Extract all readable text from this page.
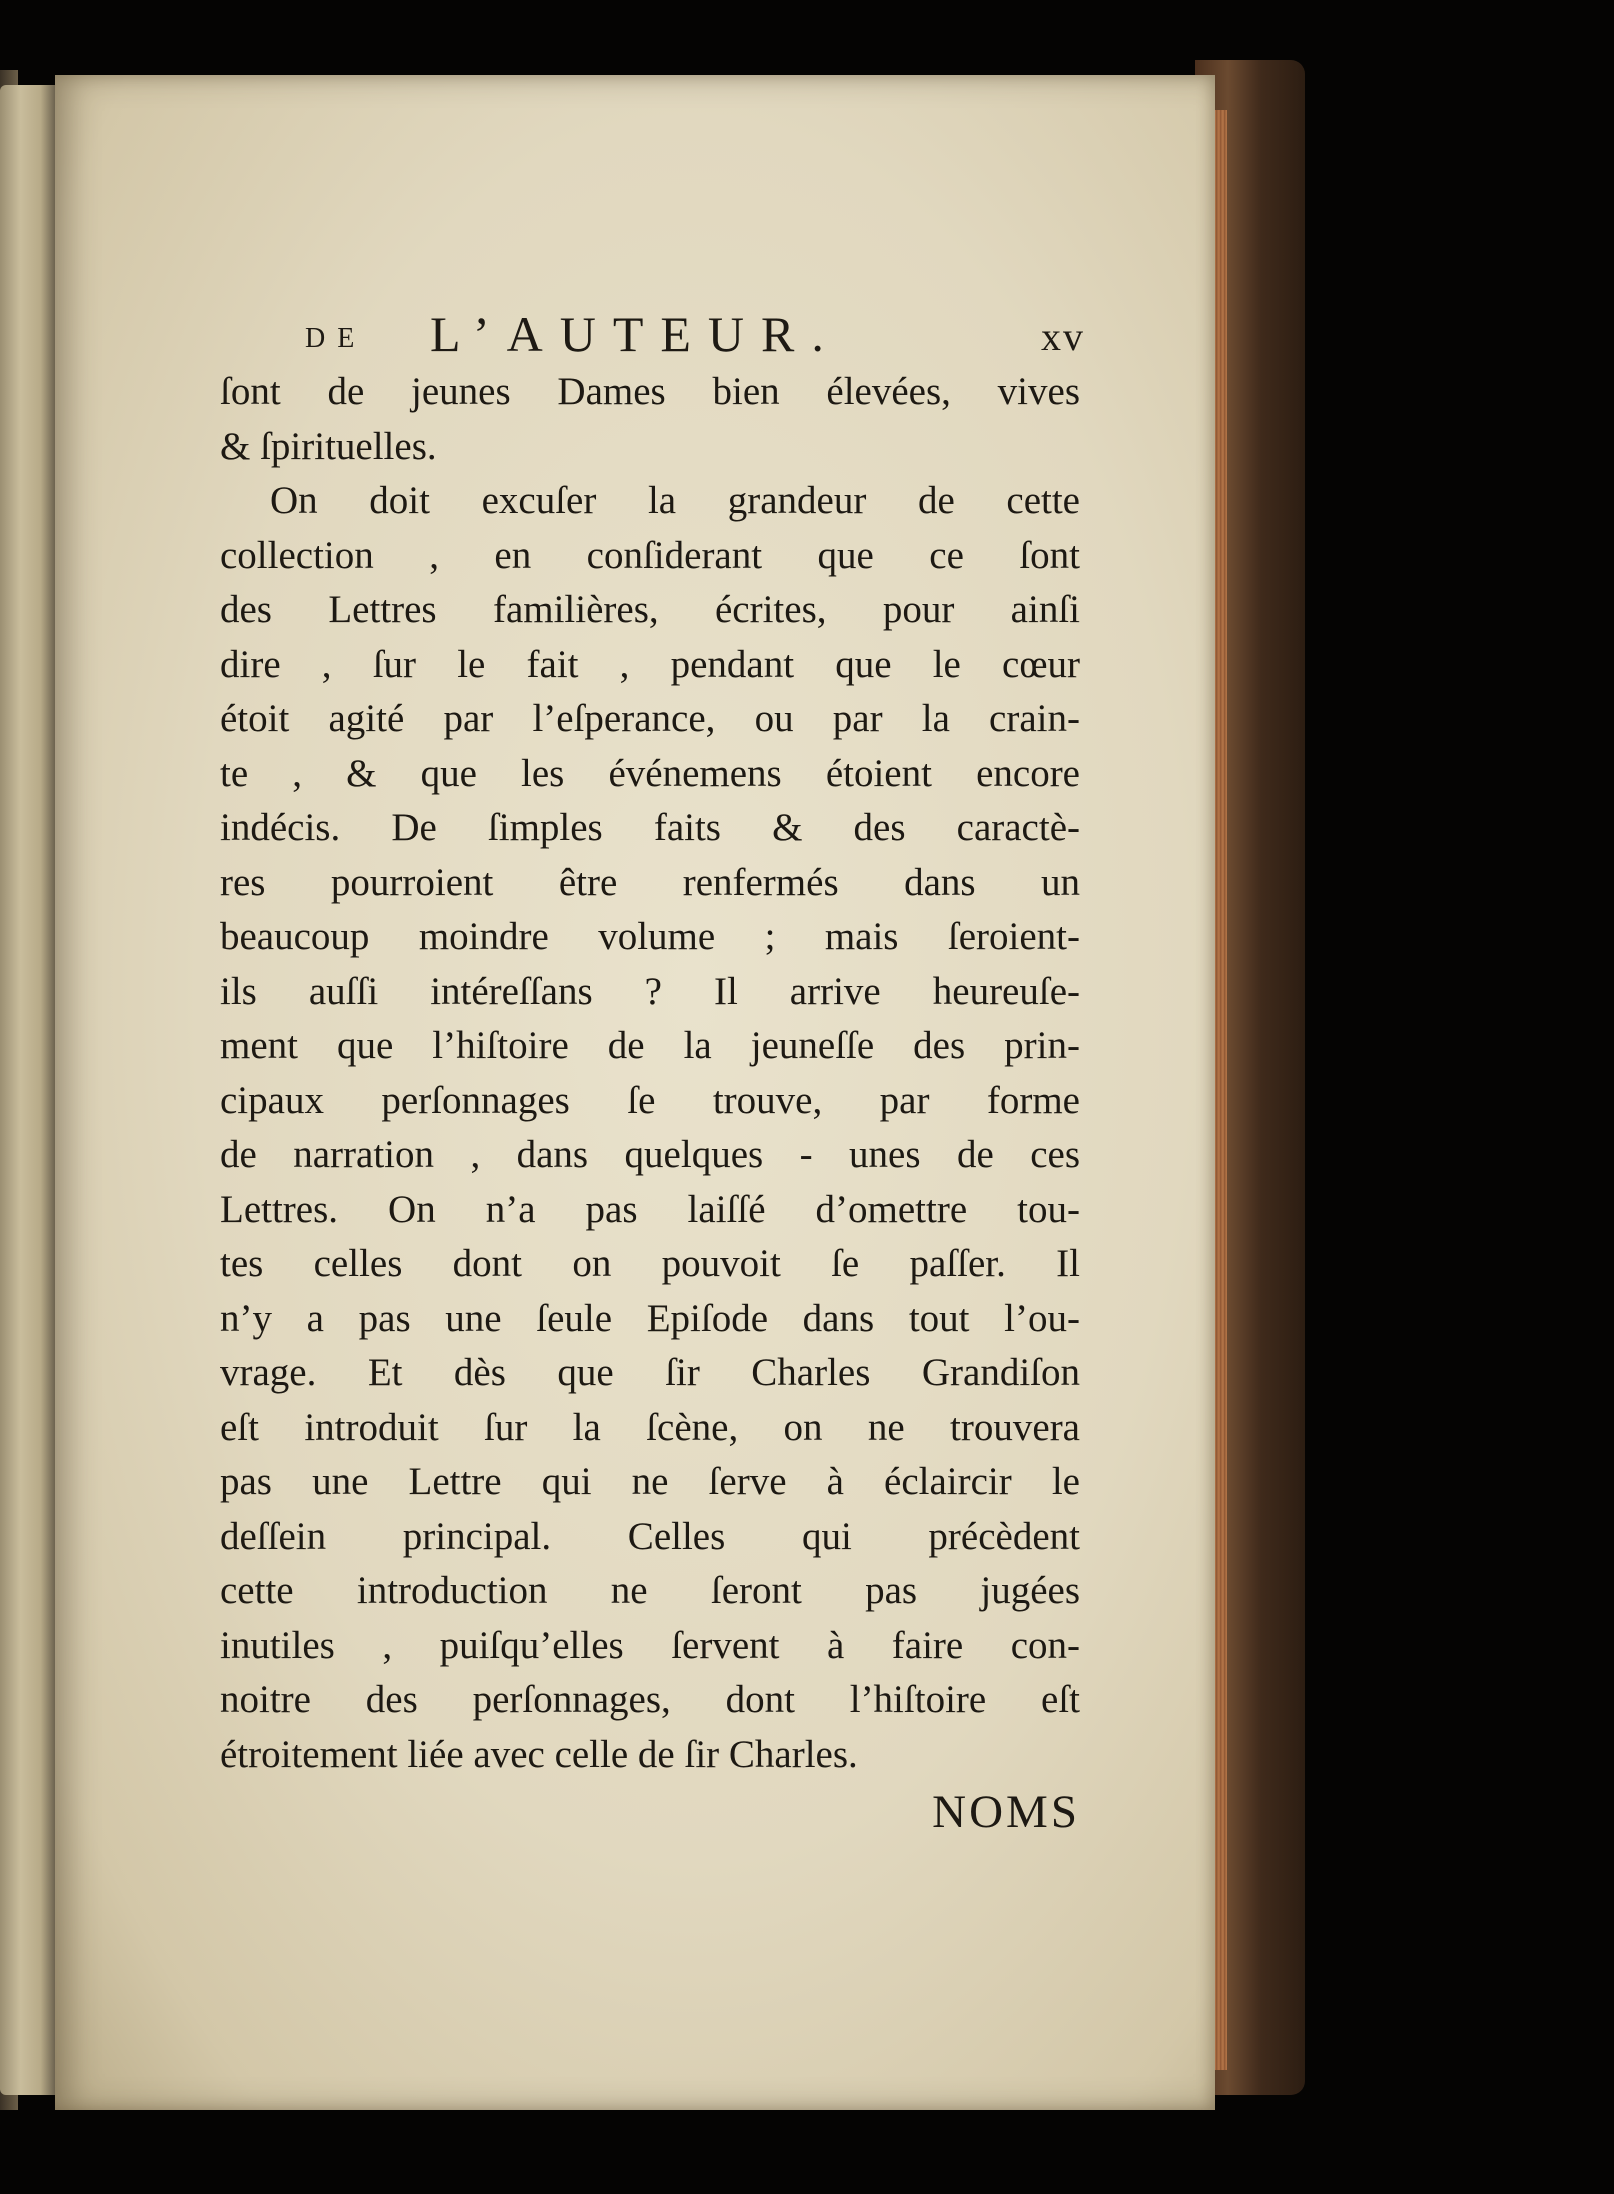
DE L’AUTEUR.	xv
ſont de jeunes Dames bien élevées, vives
& ſpirituelles.
On doit excuſer la grandeur de cette
collection , en conſiderant que ce ſont
des Lettres familières, écrites, pour ainſi
dire , ſur le fait , pendant que le cœur
étoit agité par l’eſperance, ou par la crain-
te , & que les événemens étoient encore
indécis. De ſimples faits & des caractè-
res pourroient être renfermés dans un
beaucoup moindre volume ; mais ſeroient-
ils auſſi intéreſſans ? Il arrive heureuſe-
ment que l’hiſtoire de la jeuneſſe des prin-
cipaux perſonnages ſe trouve, par forme
de narration , dans quelques - unes de ces
Lettres. On n’a pas laiſſé d’omettre tou-
tes celles dont on pouvoit ſe paſſer. Il
n’y a pas une ſeule Epiſode dans tout l’ou-
vrage. Et dès que ſir Charles Grandiſon
eſt introduit ſur la ſcène, on ne trouvera
pas une Lettre qui ne ſerve à éclaircir le
deſſein principal. Celles qui précèdent
cette introduction ne ſeront pas jugées
inutiles , puiſqu’elles ſervent à faire con-
noitre des perſonnages, dont l’hiſtoire eſt
étroitement liée avec celle de ſir Charles.
NOMS
